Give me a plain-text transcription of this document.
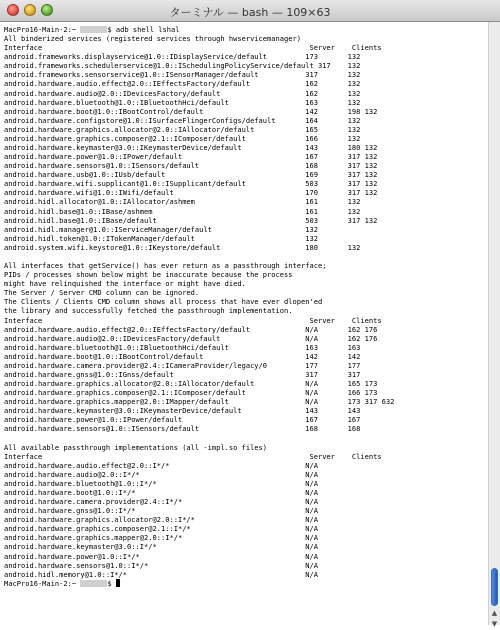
ターミナル — bash — 109×63
MacPro16-Main-2:~	$ adb shell lshal
All binderized services (registered services through hwservicemanager)
Interface                                                               Server    Clients
android.frameworks.displayservice@1.0::IDisplayService/default         173       132
android.frameworks.schedulerservice@1.0::ISchedulingPolicyService/default 317    132
android.frameworks.sensorservice@1.0::ISensorManager/default           317       132
android.hardware.audio.effect@2.0::IEffectsFactory/default             162       132
android.hardware.audio@2.0::IDevicesFactory/default                    162       132
android.hardware.bluetooth@1.0::IBluetoothHci/default                  163       132
android.hardware.boot@1.0::IBootControl/default                        142       198 132
android.hardware.configstore@1.0::ISurfaceFlingerConfigs/default       164       132
android.hardware.graphics.allocator@2.0::IAllocator/default            165       132
android.hardware.graphics.composer@2.1::IComposer/default              166       132
android.hardware.keymaster@3.0::IKeymasterDevice/default               143       180 132
android.hardware.power@1.0::IPower/default                             167       317 132
android.hardware.sensors@1.0::ISensors/default                         168       317 132
android.hardware.usb@1.0::IUsb/default                                 169       317 132
android.hardware.wifi.supplicant@1.0::ISupplicant/default              503       317 132
android.hardware.wifi@1.0::IWifi/default                               170       317 132
android.hidl.allocator@1.0::IAllocator/ashmem                          161       132
android.hidl.base@1.0::IBase/ashmem                                    161       132
android.hidl.base@1.0::IBase/default                                   503       317 132
android.hidl.manager@1.0::IServiceManager/default                      132
android.hidl.token@1.0::ITokenManager/default                          132
android.system.wifi.keystore@1.0::IKeystore/default                    180       132
All interfaces that getService() has ever return as a passthrough interface;
PIDs / processes shown below might be inaccurate because the process
might have relinquished the interface or might have died.
The Server / Server CMD column can be ignored.
The Clients / Clients CMD column shows all process that have ever dlopen'ed
the library and successfully fetched the passthrough implementation.
Interface                                                               Server    Clients
android.hardware.audio.effect@2.0::IEffectsFactory/default             N/A       162 176
android.hardware.audio@2.0::IDevicesFactory/default                    N/A       162 176
android.hardware.bluetooth@1.0::IBluetoothHci/default                  163       163
android.hardware.boot@1.0::IBootControl/default                        142       142
android.hardware.camera.provider@2.4::ICameraProvider/legacy/0         177       177
android.hardware.gnss@1.0::IGnss/default                               317       317
android.hardware.graphics.allocator@2.0::IAllocator/default            N/A       165 173
android.hardware.graphics.composer@2.1::IComposer/default              N/A       166 173
android.hardware.graphics.mapper@2.0::IMapper/default                  N/A       173 317 632
android.hardware.keymaster@3.0::IKeymasterDevice/default               143       143
android.hardware.power@1.0::IPower/default                             167       167
android.hardware.sensors@1.0::ISensors/default                         168       168
All available passthrough implementations (all -impl.so files)
Interface                                                               Server    Clients
android.hardware.audio.effect@2.0::I*/*                                N/A
android.hardware.audio@2.0::I*/*                                       N/A
android.hardware.bluetooth@1.0::I*/*                                   N/A
android.hardware.boot@1.0::I*/*                                        N/A
android.hardware.camera.provider@2.4::I*/*                             N/A
android.hardware.gnss@1.0::I*/*                                        N/A
android.hardware.graphics.allocator@2.0::I*/*                          N/A
android.hardware.graphics.composer@2.1::I*/*                           N/A
android.hardware.graphics.mapper@2.0::I*/*                             N/A
android.hardware.keymaster@3.0::I*/*                                   N/A
android.hardware.power@1.0::I*/*                                       N/A
android.hardware.sensors@1.0::I*/*                                     N/A
android.hidl.memory@1.0::I*/*                                          N/A
MacPro16-Main-2:~	$
▲
▼
